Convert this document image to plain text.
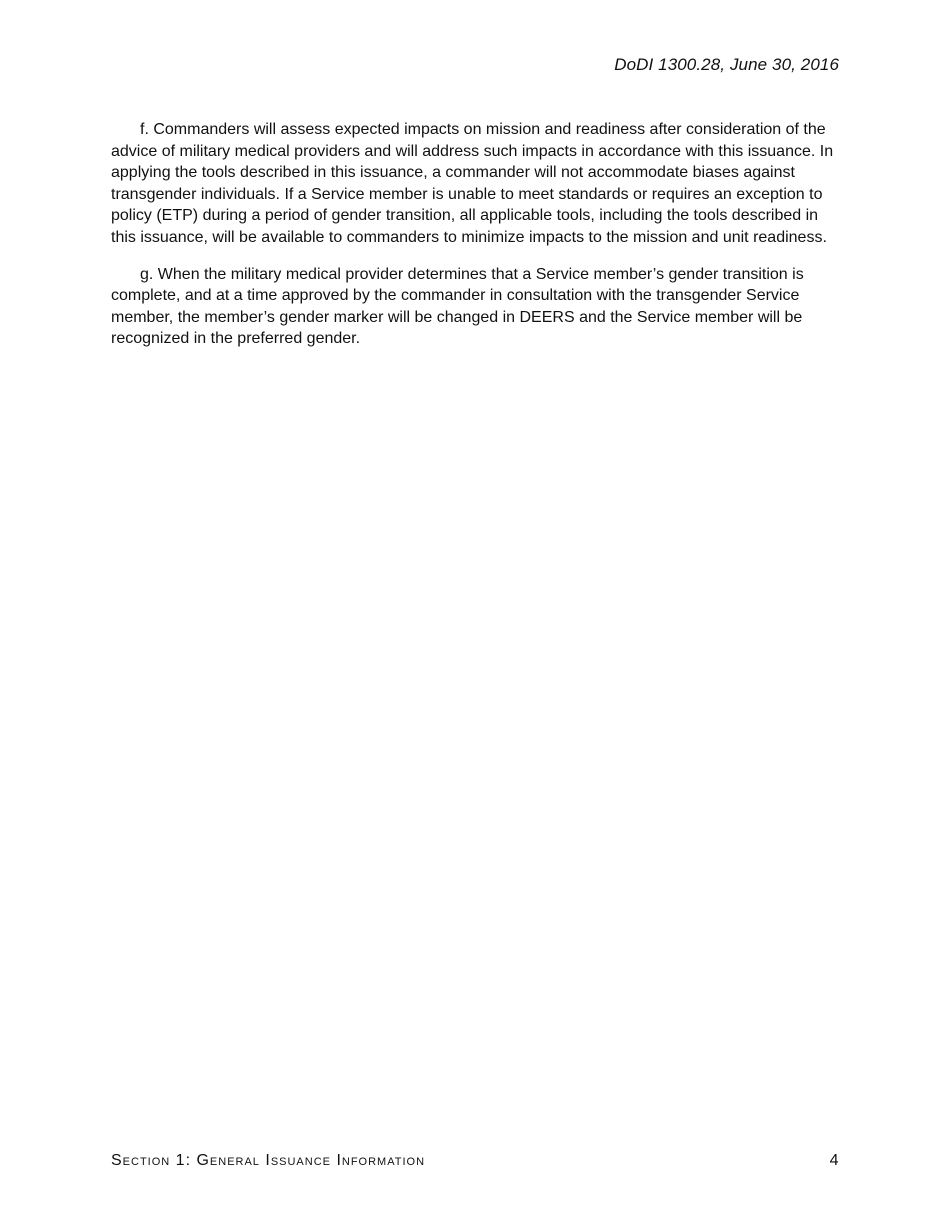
DoDI 1300.28, June 30, 2016

f. Commanders will assess expected impacts on mission and readiness after consideration of the advice of military medical providers and will address such impacts in accordance with this issuance. In applying the tools described in this issuance, a commander will not accommodate biases against transgender individuals. If a Service member is unable to meet standards or requires an exception to policy (ETP) during a period of gender transition, all applicable tools, including the tools described in this issuance, will be available to commanders to minimize impacts to the mission and unit readiness.

g. When the military medical provider determines that a Service member’s gender transition is complete, and at a time approved by the commander in consultation with the transgender Service member, the member’s gender marker will be changed in DEERS and the Service member will be recognized in the preferred gender.

Section 1: General Issuance Information	4
